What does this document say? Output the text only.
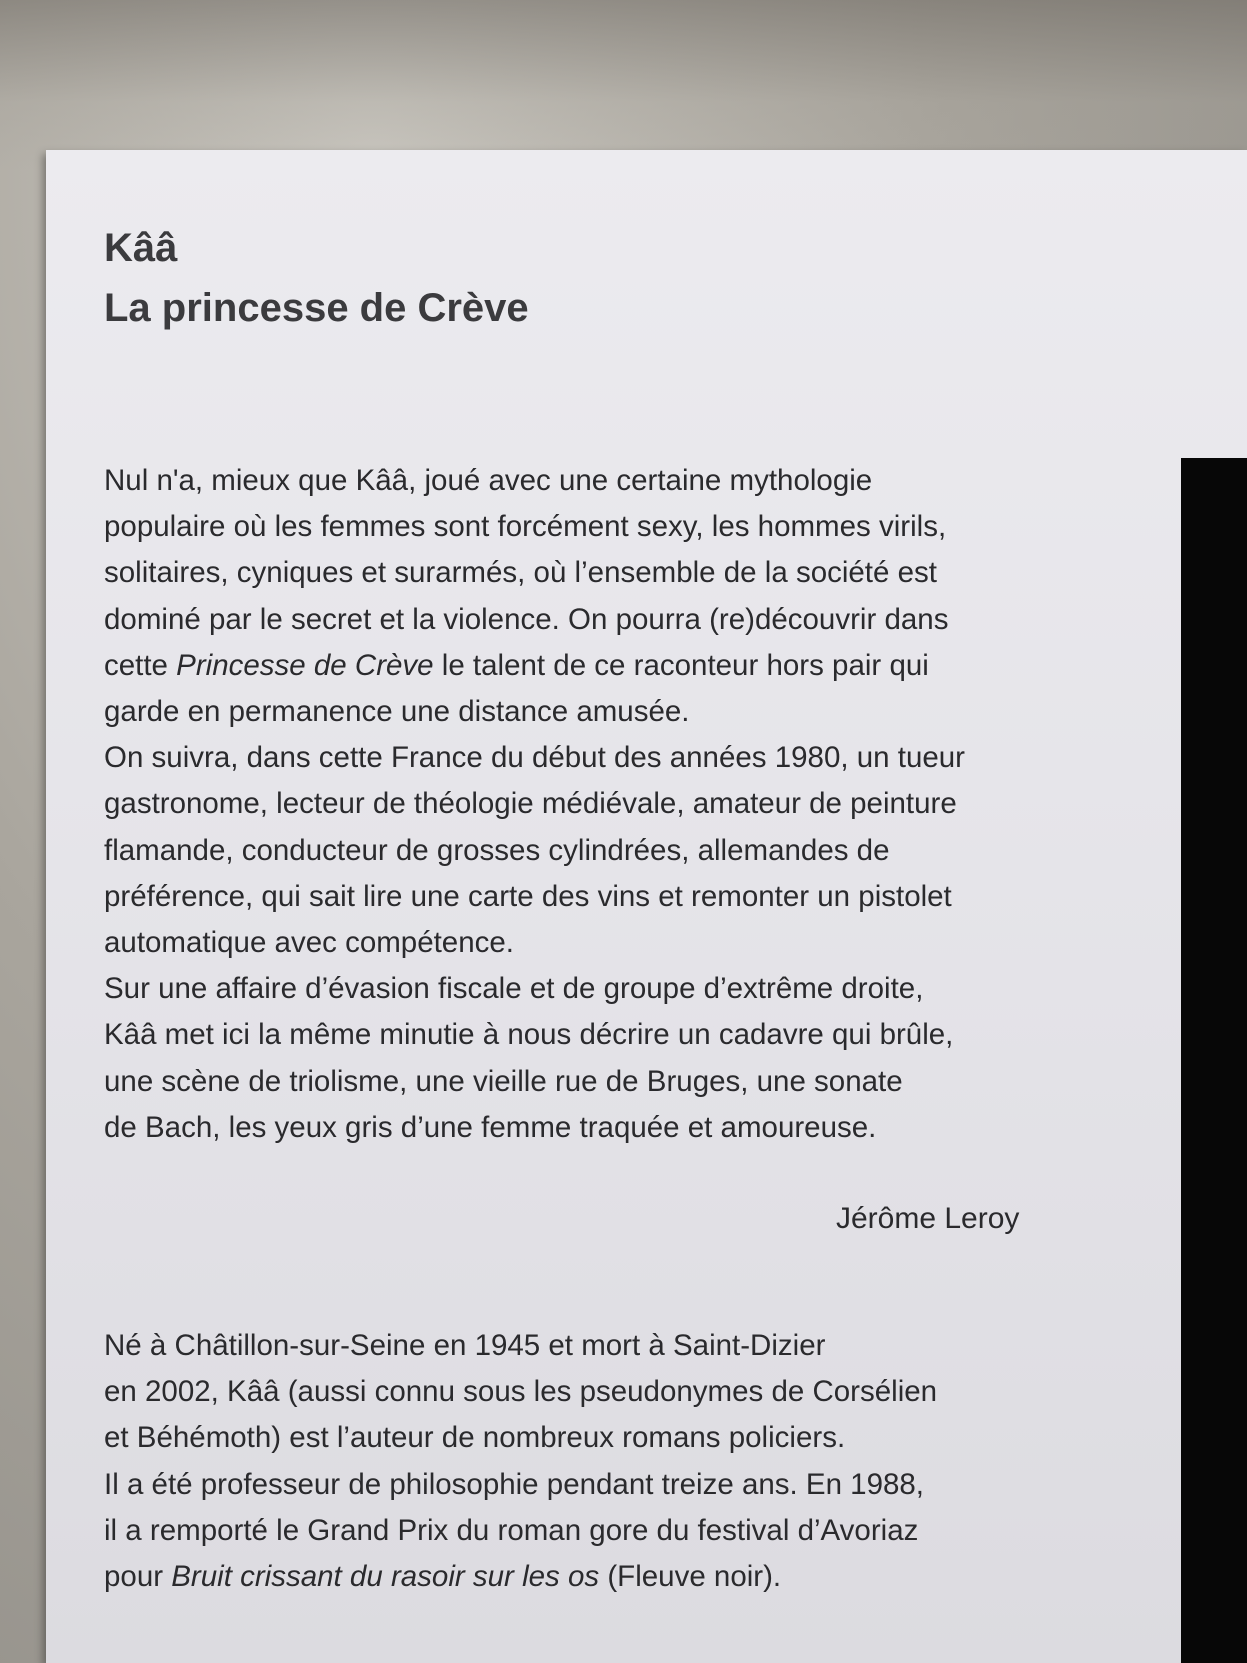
Kââ
La princesse de Crève
Nul n'a, mieux que Kââ, joué avec une certaine mythologie
populaire où les femmes sont forcément sexy, les hommes virils,
solitaires, cyniques et surarmés, où l’ensemble de la société est
dominé par le secret et la violence. On pourra (re)découvrir dans
cette Princesse de Crève le talent de ce raconteur hors pair qui
garde en permanence une distance amusée.
On suivra, dans cette France du début des années 1980, un tueur
gastronome, lecteur de théologie médiévale, amateur de peinture
flamande, conducteur de grosses cylindrées, allemandes de
préférence, qui sait lire une carte des vins et remonter un pistolet
automatique avec compétence.
Sur une affaire d’évasion fiscale et de groupe d’extrême droite,
Kââ met ici la même minutie à nous décrire un cadavre qui brûle,
une scène de triolisme, une vieille rue de Bruges, une sonate
de Bach, les yeux gris d’une femme traquée et amoureuse.
Jérôme Leroy
Né à Châtillon-sur-Seine en 1945 et mort à Saint-Dizier
en 2002, Kââ (aussi connu sous les pseudonymes de Corsélien
et Béhémoth) est l’auteur de nombreux romans policiers.
Il a été professeur de philosophie pendant treize ans. En 1988,
il a remporté le Grand Prix du roman gore du festival d’Avoriaz
pour Bruit crissant du rasoir sur les os (Fleuve noir).
